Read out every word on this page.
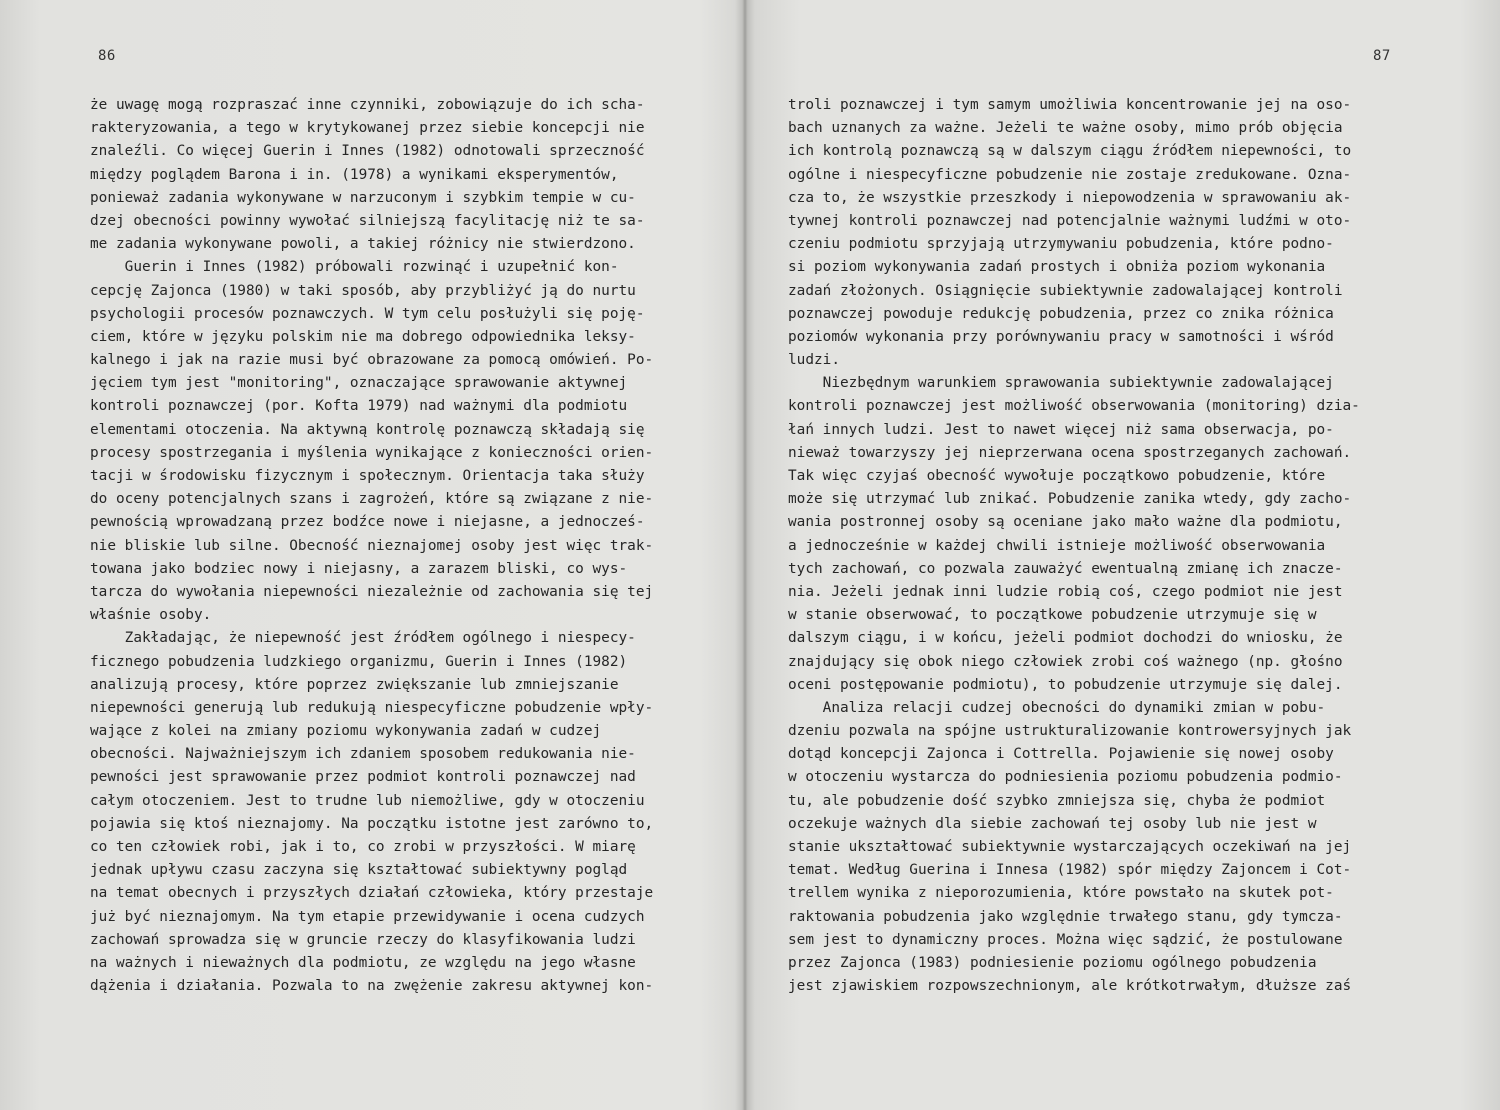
86
że uwagę mogą rozpraszać inne czynniki, zobowiązuje do ich scha-
rakteryzowania, a tego w krytykowanej przez siebie koncepcji nie
znaleźli. Co więcej Guerin i Innes (1982) odnotowali sprzeczność
między poglądem Barona i in. (1978) a wynikami eksperymentów,
ponieważ zadania wykonywane w narzuconym i szybkim tempie w cu-
dzej obecności powinny wywołać silniejszą facylitację niż te sa-
me zadania wykonywane powoli, a takiej różnicy nie stwierdzono.
Guerin i Innes (1982) próbowali rozwinąć i uzupełnić kon-
cepcję Zajonca (1980) w taki sposób, aby przybliżyć ją do nurtu
psychologii procesów poznawczych. W tym celu posłużyli się poję-
ciem, które w języku polskim nie ma dobrego odpowiednika leksy-
kalnego i jak na razie musi być obrazowane za pomocą omówień. Po-
jęciem tym jest "monitoring", oznaczające sprawowanie aktywnej
kontroli poznawczej (por. Kofta 1979) nad ważnymi dla podmiotu
elementami otoczenia. Na aktywną kontrolę poznawczą składają się
procesy spostrzegania i myślenia wynikające z konieczności orien-
tacji w środowisku fizycznym i społecznym. Orientacja taka służy
do oceny potencjalnych szans i zagrożeń, które są związane z nie-
pewnością wprowadzaną przez bodźce nowe i niejasne, a jednocześ-
nie bliskie lub silne. Obecność nieznajomej osoby jest więc trak-
towana jako bodziec nowy i niejasny, a zarazem bliski, co wys-
tarcza do wywołania niepewności niezależnie od zachowania się tej
właśnie osoby.
Zakładając, że niepewność jest źródłem ogólnego i niespecy-
ficznego pobudzenia ludzkiego organizmu, Guerin i Innes (1982)
analizują procesy, które poprzez zwiększanie lub zmniejszanie
niepewności generują lub redukują niespecyficzne pobudzenie wpły-
wające z kolei na zmiany poziomu wykonywania zadań w cudzej
obecności. Najważniejszym ich zdaniem sposobem redukowania nie-
pewności jest sprawowanie przez podmiot kontroli poznawczej nad
całym otoczeniem. Jest to trudne lub niemożliwe, gdy w otoczeniu
pojawia się ktoś nieznajomy. Na początku istotne jest zarówno to,
co ten człowiek robi, jak i to, co zrobi w przyszłości. W miarę
jednak upływu czasu zaczyna się kształtować subiektywny pogląd
na temat obecnych i przyszłych działań człowieka, który przestaje
już być nieznajomym. Na tym etapie przewidywanie i ocena cudzych
zachowań sprowadza się w gruncie rzeczy do klasyfikowania ludzi
na ważnych i nieważnych dla podmiotu, ze względu na jego własne
dążenia i działania. Pozwala to na zwężenie zakresu aktywnej kon-
87
troli poznawczej i tym samym umożliwia koncentrowanie jej na oso-
bach uznanych za ważne. Jeżeli te ważne osoby, mimo prób objęcia
ich kontrolą poznawczą są w dalszym ciągu źródłem niepewności, to
ogólne i niespecyficzne pobudzenie nie zostaje zredukowane. Ozna-
cza to, że wszystkie przeszkody i niepowodzenia w sprawowaniu ak-
tywnej kontroli poznawczej nad potencjalnie ważnymi ludźmi w oto-
czeniu podmiotu sprzyjają utrzymywaniu pobudzenia, które podno-
si poziom wykonywania zadań prostych i obniża poziom wykonania
zadań złożonych. Osiągnięcie subiektywnie zadowalającej kontroli
poznawczej powoduje redukcję pobudzenia, przez co znika różnica
poziomów wykonania przy porównywaniu pracy w samotności i wśród
ludzi.
Niezbędnym warunkiem sprawowania subiektywnie zadowalającej
kontroli poznawczej jest możliwość obserwowania (monitoring) dzia-
łań innych ludzi. Jest to nawet więcej niż sama obserwacja, po-
nieważ towarzyszy jej nieprzerwana ocena spostrzeganych zachowań.
Tak więc czyjaś obecność wywołuje początkowo pobudzenie, które
może się utrzymać lub znikać. Pobudzenie zanika wtedy, gdy zacho-
wania postronnej osoby są oceniane jako mało ważne dla podmiotu,
a jednocześnie w każdej chwili istnieje możliwość obserwowania
tych zachowań, co pozwala zauważyć ewentualną zmianę ich znacze-
nia. Jeżeli jednak inni ludzie robią coś, czego podmiot nie jest
w stanie obserwować, to początkowe pobudzenie utrzymuje się w
dalszym ciągu, i w końcu, jeżeli podmiot dochodzi do wniosku, że
znajdujący się obok niego człowiek zrobi coś ważnego (np. głośno
oceni postępowanie podmiotu), to pobudzenie utrzymuje się dalej.
Analiza relacji cudzej obecności do dynamiki zmian w pobu-
dzeniu pozwala na spójne ustrukturalizowanie kontrowersyjnych jak
dotąd koncepcji Zajonca i Cottrella. Pojawienie się nowej osoby
w otoczeniu wystarcza do podniesienia poziomu pobudzenia podmio-
tu, ale pobudzenie dość szybko zmniejsza się, chyba że podmiot
oczekuje ważnych dla siebie zachowań tej osoby lub nie jest w
stanie ukształtować subiektywnie wystarczających oczekiwań na jej
temat. Według Guerina i Innesa (1982) spór między Zajoncem i Cot-
trellem wynika z nieporozumienia, które powstało na skutek pot-
raktowania pobudzenia jako względnie trwałego stanu, gdy tymcza-
sem jest to dynamiczny proces. Można więc sądzić, że postulowane
przez Zajonca (1983) podniesienie poziomu ogólnego pobudzenia
jest zjawiskiem rozpowszechnionym, ale krótkotrwałym, dłuższe zaś
